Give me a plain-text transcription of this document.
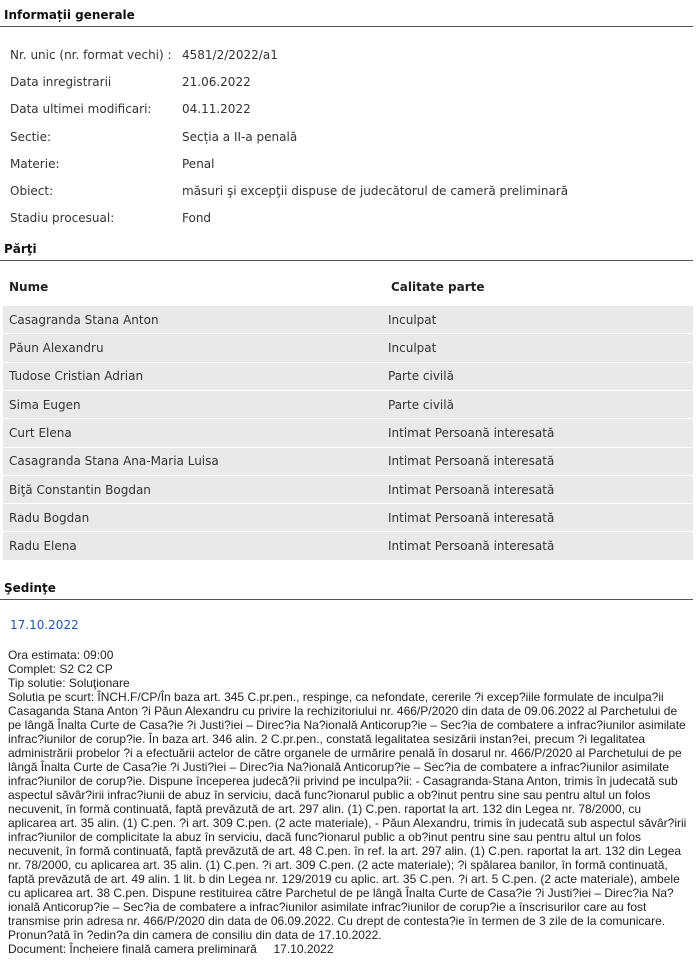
Informații generale
Nr. unic (nr. format vechi) : 4581/2/2022/a1
Data inregistrarii	21.06.2022
Data ultimei modificari:	04.11.2022
Sectie:	Secția a II-a penală
Materie:	Penal
Obiect:	măsuri şi excepţii dispuse de judecătorul de cameră preliminară
Stadiu procesual:	Fond
Părţi
Nume	Calitate parte
Casagranda Stana Anton	Inculpat
Păun Alexandru	Inculpat
Tudose Cristian Adrian	Parte civilă
Sima Eugen	Parte civilă
Curt Elena	Intimat Persoană interesată
Casagranda Stana Ana-Maria Luisa	Intimat Persoană interesată
Biţă Constantin Bogdan	Intimat Persoană interesată
Radu Bogdan	Intimat Persoană interesată
Radu Elena	Intimat Persoană interesată
Şedinţe
17.10.2022
Ora estimata: 09:00
Complet: S2 C2 CP
Tip solutie: Soluţionare
Solutia pe scurt: ÎNCH.F/CP/În baza art. 345 C.pr.pen., respinge, ca nefondate, cererile ?i excep?iile formulate de inculpa?ii Casaganda Stana Anton ?i Păun Alexandru cu privire la rechizitoriului nr. 466/P/2020 din data de 09.06.2022 al Parchetului de pe lângă Înalta Curte de Casa?ie ?i Justi?iei – Direc?ia Na?ională Anticorup?ie – Sec?ia de combatere a infrac?iunilor asimilate infrac?iunilor de corup?ie. În baza art. 346 alin. 2 C.pr.pen., constată legalitatea sesizării instan?ei, precum ?i legalitatea administrării probelor ?i a efectuării actelor de către organele de urmărire penală în dosarul nr. 466/P/2020 al Parchetului de pe lângă Înalta Curte de Casa?ie ?i Justi?iei – Direc?ia Na?ională Anticorup?ie – Sec?ia de combatere a infrac?iunilor asimilate infrac?iunilor de corup?ie. Dispune începerea judecă?ii privind pe inculpa?ii: - Casagranda-Stana Anton, trimis în judecată sub aspectul săvâr?irii infrac?iunii de abuz în serviciu, dacă func?ionarul public a ob?inut pentru sine sau pentru altul un folos necuvenit, în formă continuată, faptă prevăzută de art. 297 alin. (1) C.pen. raportat la art. 132 din Legea nr. 78/2000, cu aplicarea art. 35 alin. (1) C.pen. ?i art. 309 C.pen. (2 acte materiale), - Păun Alexandru, trimis în judecată sub aspectul săvâr?irii infrac?iunilor de complicitate la abuz în serviciu, dacă func?ionarul public a ob?inut pentru sine sau pentru altul un folos necuvenit, în formă continuată, faptă prevăzută de art. 48 C.pen. în ref. la art. 297 alin. (1) C.pen. raportat la art. 132 din Legea nr. 78/2000, cu aplicarea art. 35 alin. (1) C.pen. ?i art. 309 C.pen. (2 acte materiale); ?i spălarea banilor, în formă continuată, faptă prevăzută de art. 49 alin. 1 lit. b din Legea nr. 129/2019 cu aplic. art. 35 C.pen. ?i art. 5 C.pen. (2 acte materiale), ambele cu aplicarea art. 38 C.pen. Dispune restituirea către Parchetul de pe lângă Înalta Curte de Casa?ie ?i Justi?iei – Direc?ia Na?ională Anticorup?ie – Sec?ia de combatere a infrac?iunilor asimilate infrac?iunilor de corup?ie a înscrisurilor care au fost transmise prin adresa nr. 466/P/2020 din data de 06.09.2022. Cu drept de contesta?ie în termen de 3 zile de la comunicare. Pronun?ată în ?edin?a din camera de consiliu din data de 17.10.2022.
Document: Încheiere finală camera preliminară 17.10.2022
